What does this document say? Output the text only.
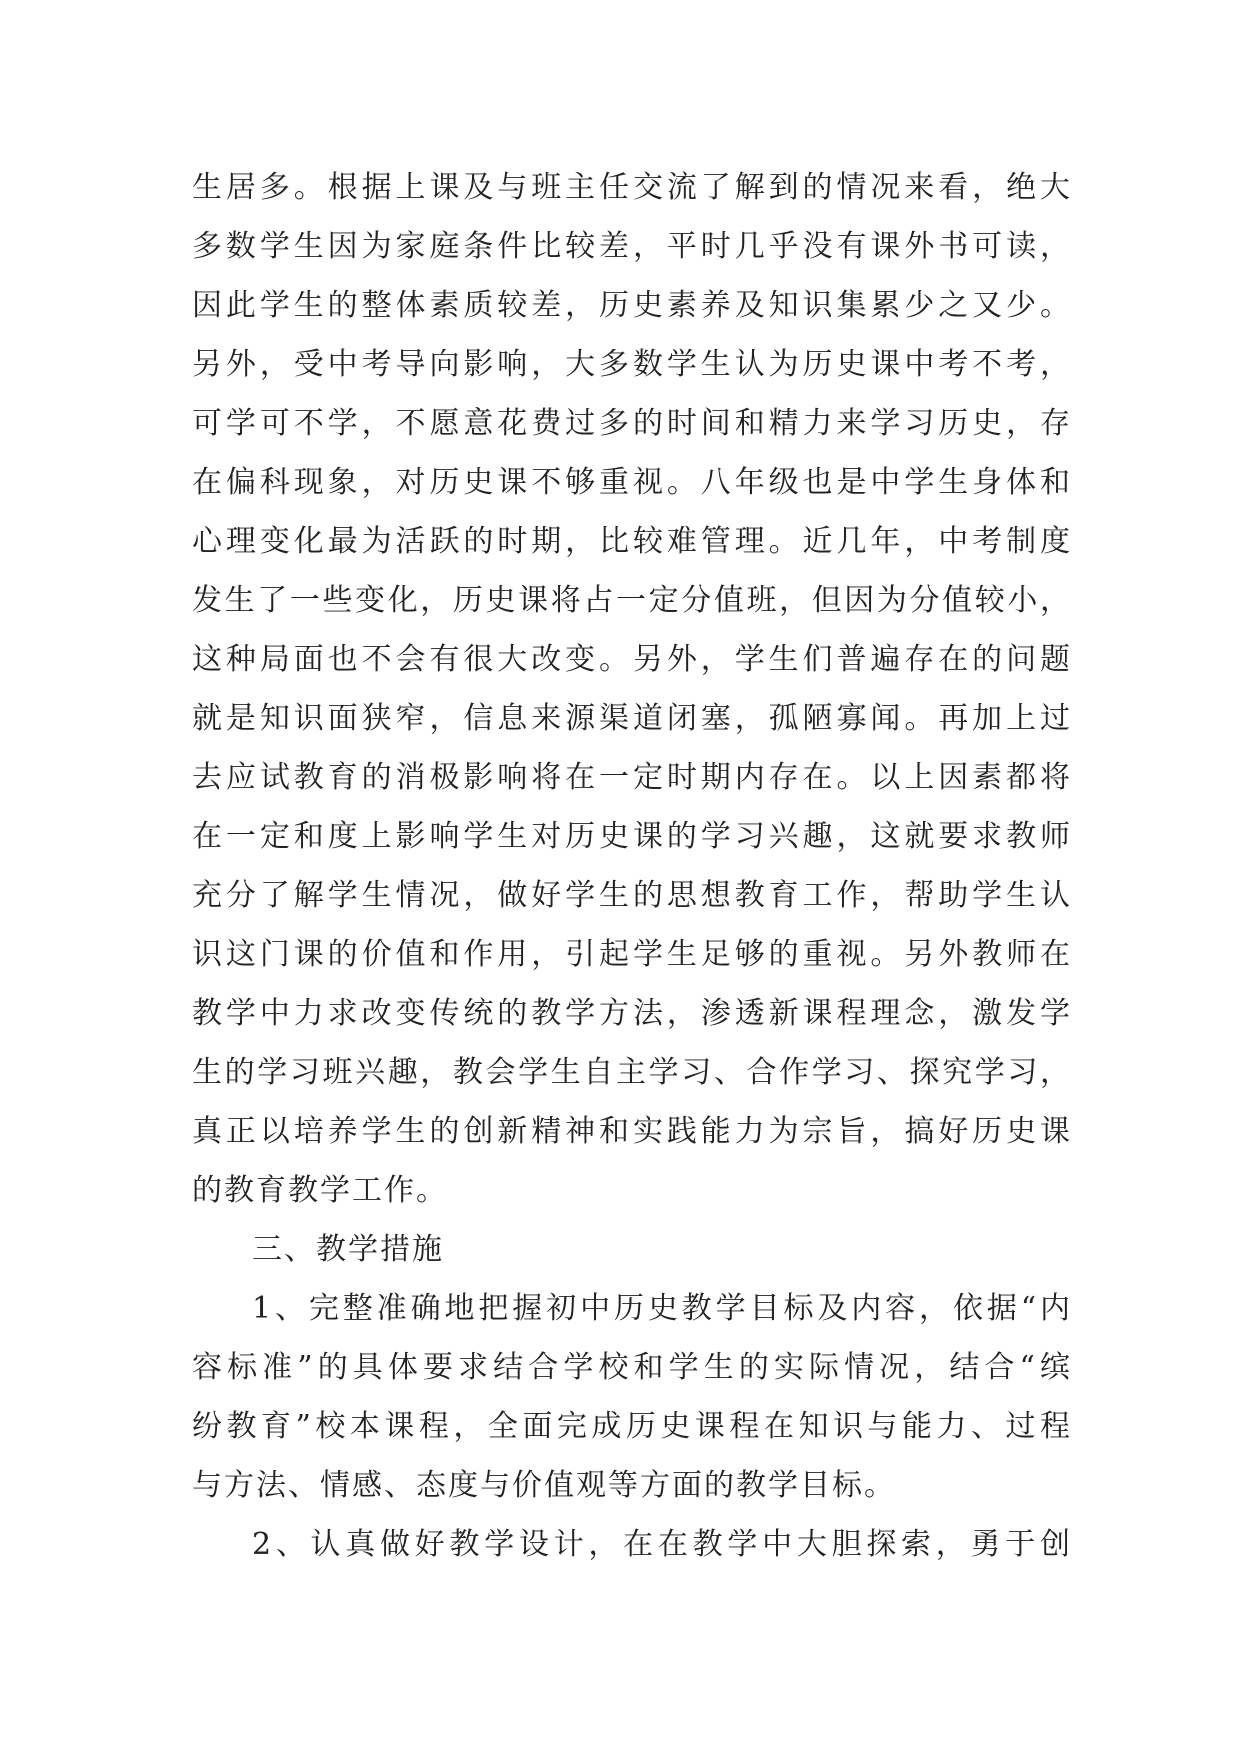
生居多。根据上课及与班主任交流了解到的情况来看，绝大
多数学生因为家庭条件比较差，平时几乎没有课外书可读，
因此学生的整体素质较差，历史素养及知识集累少之又少。
另外，受中考导向影响，大多数学生认为历史课中考不考，
可学可不学，不愿意花费过多的时间和精力来学习历史，存
在偏科现象，对历史课不够重视。八年级也是中学生身体和
心理变化最为活跃的时期，比较难管理。近几年，中考制度
发生了一些变化，历史课将占一定分值班，但因为分值较小，
这种局面也不会有很大改变。另外，学生们普遍存在的问题
就是知识面狭窄，信息来源渠道闭塞，孤陋寡闻。再加上过
去应试教育的消极影响将在一定时期内存在。以上因素都将
在一定和度上影响学生对历史课的学习兴趣，这就要求教师
充分了解学生情况，做好学生的思想教育工作，帮助学生认
识这门课的价值和作用，引起学生足够的重视。另外教师在
教学中力求改变传统的教学方法，渗透新课程理念，激发学
生的学习班兴趣，教会学生自主学习、合作学习、探究学习，
真正以培养学生的创新精神和实践能力为宗旨，搞好历史课
的教育教学工作。
三、教学措施
1、完整准确地把握初中历史教学目标及内容，依据“内
容标准”的具体要求结合学校和学生的实际情况，结合“缤
纷教育”校本课程，全面完成历史课程在知识与能力、过程
与方法、情感、态度与价值观等方面的教学目标。
2、认真做好教学设计，在在教学中大胆探索，勇于创
